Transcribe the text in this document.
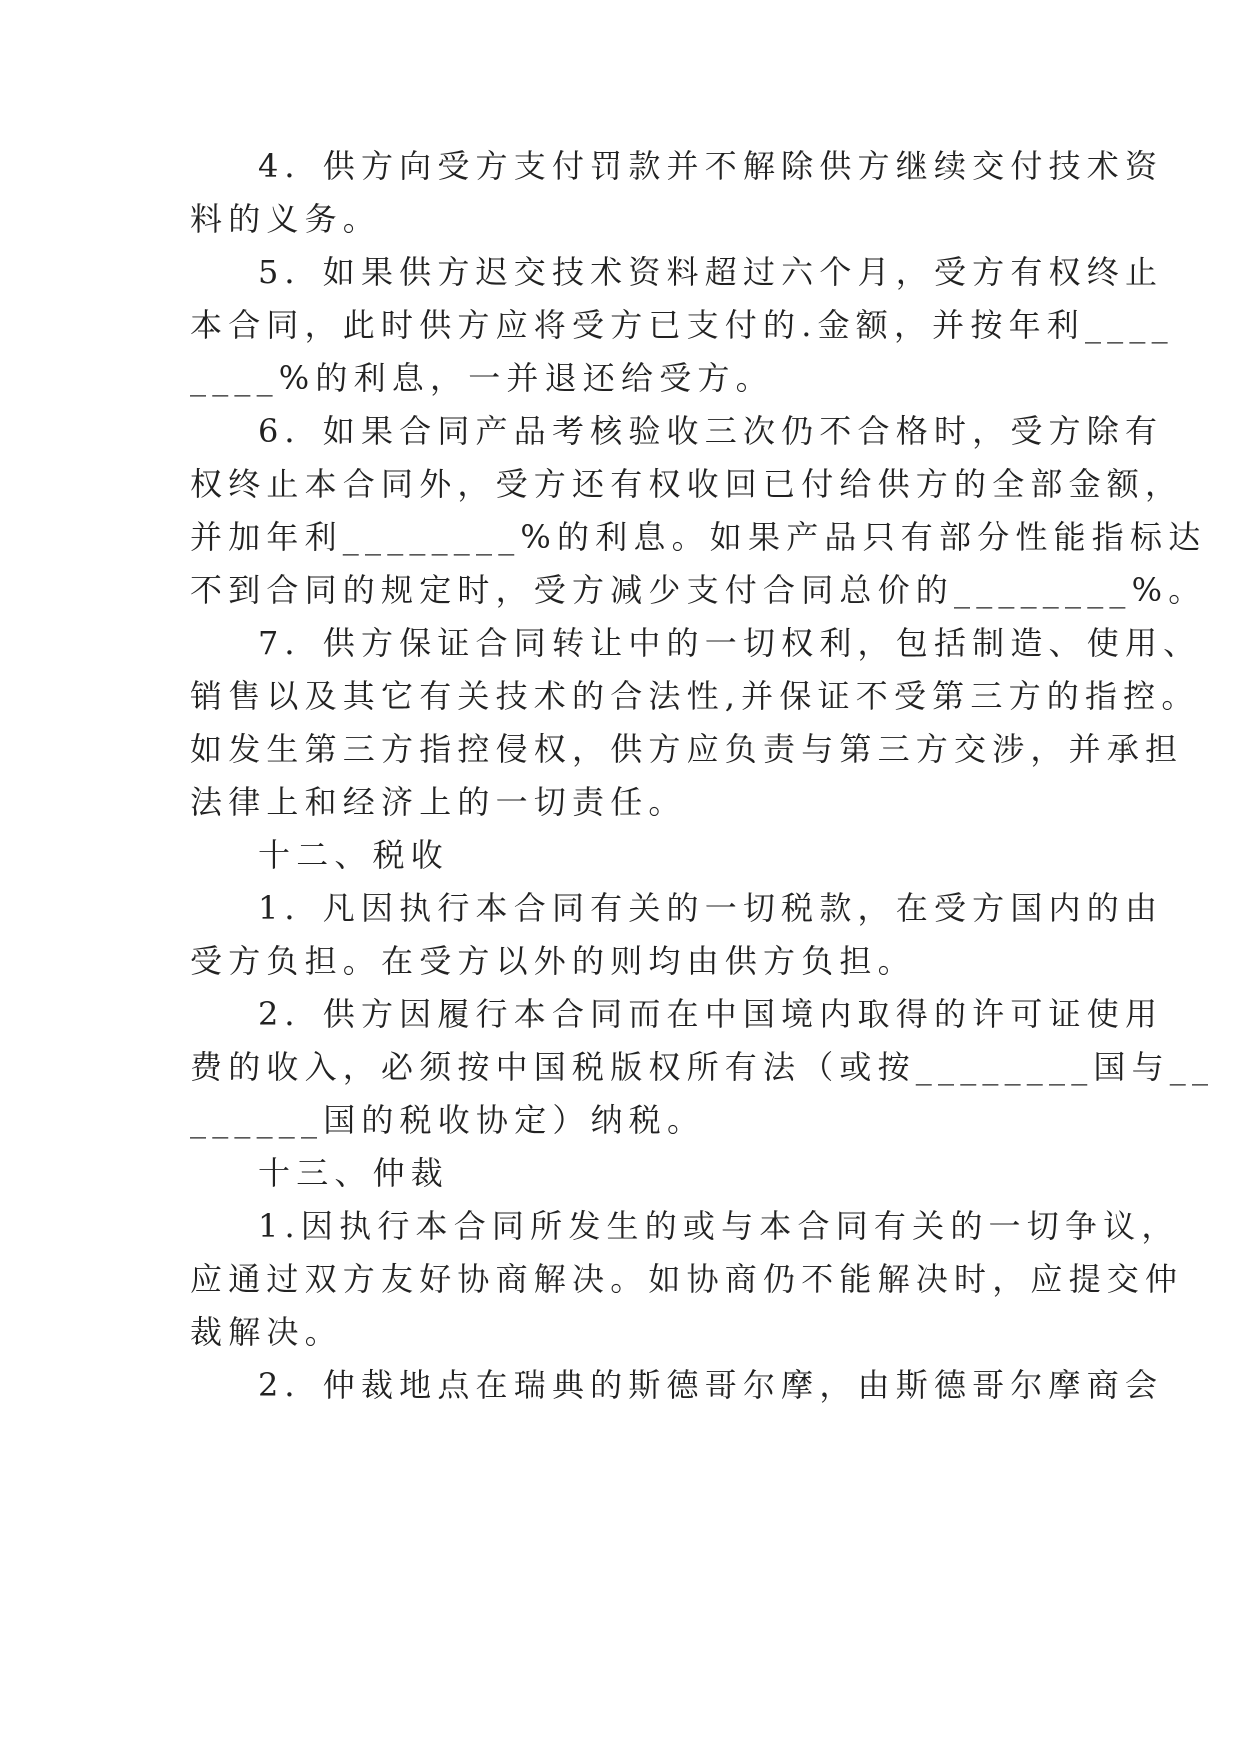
4．供方向受方支付罚款并不解除供方继续交付技术资
料的义务。
5．如果供方迟交技术资料超过六个月，受方有权终止
本合同，此时供方应将受方已支付的.金额，并按年利____
____%的利息，一并退还给受方。
6．如果合同产品考核验收三次仍不合格时，受方除有
权终止本合同外，受方还有权收回已付给供方的全部金额，
并加年利________%的利息。如果产品只有部分性能指标达
不到合同的规定时，受方减少支付合同总价的________%。
7．供方保证合同转让中的一切权利，包括制造、使用、
销售以及其它有关技术的合法性,并保证不受第三方的指控。
如发生第三方指控侵权，供方应负责与第三方交涉，并承担
法律上和经济上的一切责任。
十二、税收
1．凡因执行本合同有关的一切税款，在受方国内的由
受方负担。在受方以外的则均由供方负担。
2．供方因履行本合同而在中国境内取得的许可证使用
费的收入，必须按中国税版权所有法（或按________国与__
______国的税收协定）纳税。
十三、仲裁
1.因执行本合同所发生的或与本合同有关的一切争议，
应通过双方友好协商解决。如协商仍不能解决时，应提交仲
裁解决。
2．仲裁地点在瑞典的斯德哥尔摩，由斯德哥尔摩商会
